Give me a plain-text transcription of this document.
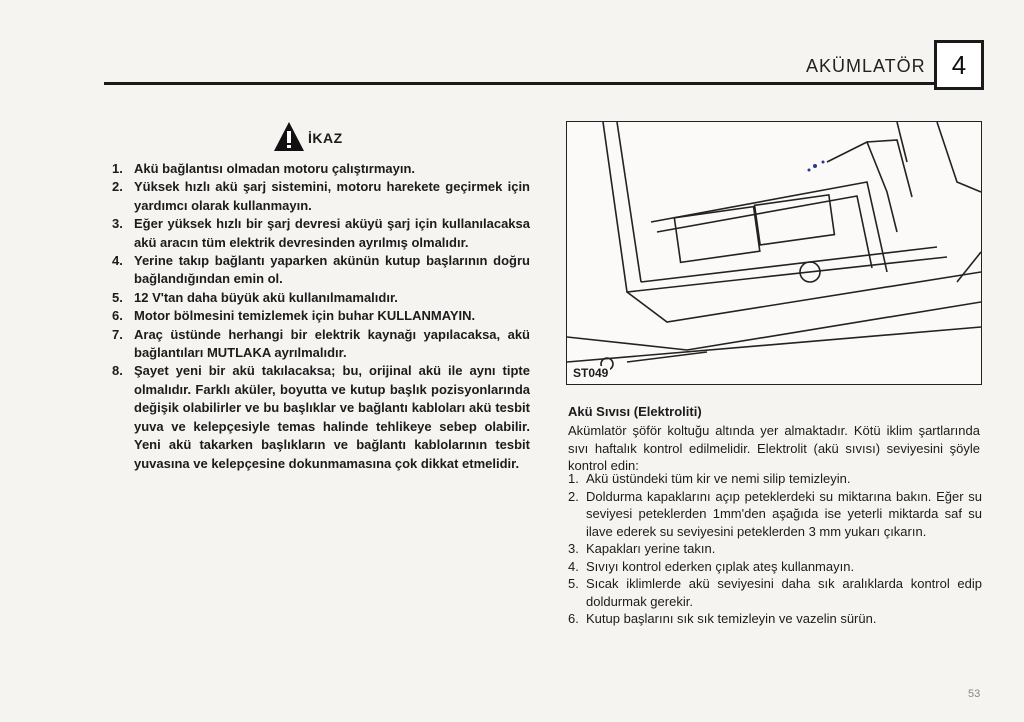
AKÜMLATÖR	4
İKAZ
1. Akü bağlantısı olmadan motoru çalıştırmayın.
2. Yüksek hızlı akü şarj sistemini, motoru harekete geçirmek için yardımcı olarak kullanmayın.
3. Eğer yüksek hızlı bir şarj devresi aküyü şarj için kullanılacaksa akü aracın tüm elektrik devresinden ayrılmış olmalıdır.
4. Yerine takıp bağlantı yaparken akünün kutup başlarının doğru bağlandığından emin ol.
5. 12 V'tan daha büyük akü kullanılmamalıdır.
6. Motor bölmesini temizlemek için buhar KULLANMAYIN.
7. Araç üstünde herhangi bir elektrik kaynağı yapılacaksa, akü bağlantıları MUTLAKA ayrılmalıdır.
8. Şayet yeni bir akü takılacaksa; bu, orijinal akü ile aynı tipte olmalıdır. Farklı aküler, boyutta ve kutup başlık pozisyonlarında değişik olabilirler ve bu başlıklar ve bağlantı kabloları akü tesbit yuva ve kelepçesiyle temas halinde tehlikeye sebep olabilir. Yeni akü takarken başlıkların ve bağlantı kablolarının tesbit yuvasına ve kelepçesine dokunmamasına çok dikkat etmelidir.
ST049
Akü Sıvısı (Elektroliti)

Akümlatör şöför koltuğu altında yer almaktadır. Kötü iklim şartlarında sıvı haftalık kontrol edilmelidir. Elektrolit (akü sıvısı) seviyesini şöyle kontrol edin:

1. Akü üstündeki tüm kir ve nemi silip temizleyin.
2. Doldurma kapaklarını açıp peteklerdeki su miktarına bakın. Eğer su seviyesi peteklerden 1mm'den aşağıda ise yeterli miktarda saf su ilave ederek su seviyesini peteklerden 3 mm yukarı çıkarın.
3. Kapakları yerine takın.
4. Sıvıyı kontrol ederken çıplak ateş kullanmayın.
5. Sıcak iklimlerde akü seviyesini daha sık aralıklarda kontrol edip doldurmak gerekir.
6. Kutup başlarını sık sık temizleyin ve vazelin sürün.
53
